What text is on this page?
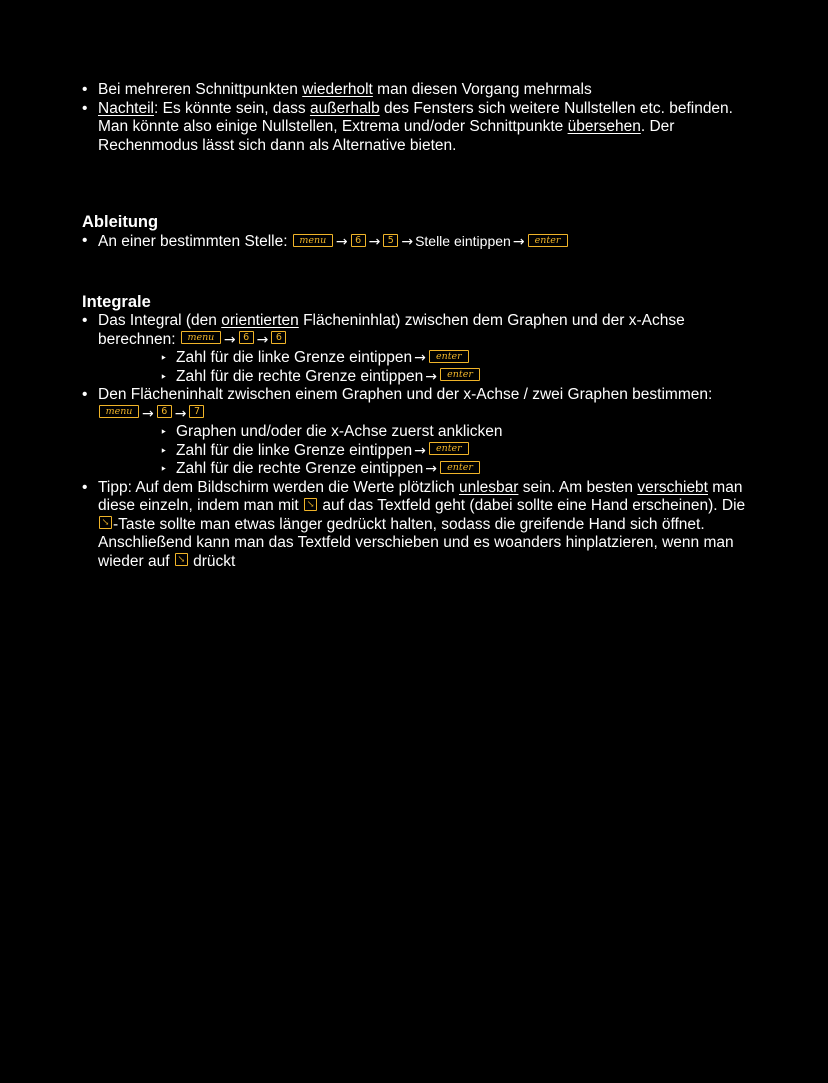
• Bei mehreren Schnittpunkten wiederholt man diesen Vorgang mehrmals
• Nachteil: Es könnte sein, dass außerhalb des Fensters sich weitere Nullstellen etc. befinden. Man könnte also einige Nullstellen, Extrema und/oder Schnittpunkte übersehen. Der Rechenmodus lässt sich dann als Alternative bieten.
Ableitung
• An einer bestimmten Stelle: menu → 6 → 5 → Stelle eintippen → enter
Integrale
• Das Integral (den orientierten Flächeninhlat) zwischen dem Graphen und der x-Achse berechnen: menu → 6 → 6
‣ Zahl für die linke Grenze eintippen → enter
‣ Zahl für die rechte Grenze eintippen → enter
• Den Flächeninhalt zwischen einem Graphen und der x-Achse / zwei Graphen bestimmen:
menu → 6 → 7
‣ Graphen und/oder die x-Achse zuerst anklicken
‣ Zahl für die linke Grenze eintippen → enter
‣ Zahl für die rechte Grenze eintippen → enter
• Tipp: Auf dem Bildschirm werden die Werte plötzlich unlesbar sein. Am besten verschiebt man diese einzeln, indem man mit ↘ auf das Textfeld geht (dabei sollte eine Hand erscheinen). Die ↘ -Taste sollte man etwas länger gedrückt halten, sodass die greifende Hand sich öffnet. Anschließend kann man das Textfeld verschieben und es woanders hinplatzieren, wenn man wieder auf ↘ drückt
